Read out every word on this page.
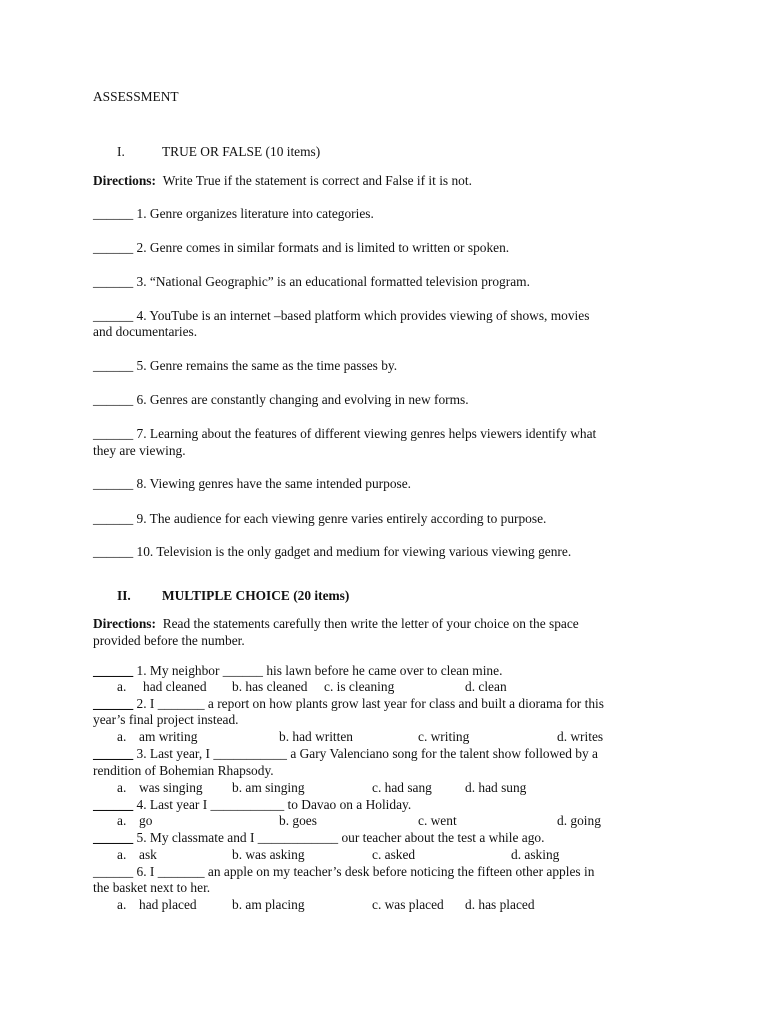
ASSESSMENT
I.	TRUE OR FALSE (10 items)
Directions: Write True if the statement is correct and False if it is not.
______ 1. Genre organizes literature into categories.
______ 2. Genre comes in similar formats and is limited to written or spoken.
______ 3. “National Geographic” is an educational formatted television program.
______ 4. YouTube is an internet –based platform which provides viewing of shows, movies
and documentaries.
______ 5. Genre remains the same as the time passes by.
______ 6. Genres are constantly changing and evolving in new forms.
______ 7. Learning about the features of different viewing genres helps viewers identify what
they are viewing.
______ 8. Viewing genres have the same intended purpose.
______ 9. The audience for each viewing genre varies entirely according to purpose.
______ 10. Television is the only gadget and medium for viewing various viewing genre.
II. MULTIPLE CHOICE (20 items)
Directions: Read the statements carefully then write the letter of your choice on the space
provided before the number.
______ 1. My neighbor ______ his lawn before he came over to clean mine.
a. had cleaned b. has cleaned c. is cleaning	d. clean
______ 2. I _______ a report on how plants grow last year for class and built a diorama for this
year’s final project instead.
a. am writing	b. had written	c. writing	d. writes
______ 3. Last year, I ___________ a Gary Valenciano song for the talent show followed by a
rendition of Bohemian Rhapsody.
a. was singing b. am singing	c. had sang d. had sung
______ 4. Last year I ___________ to Davao on a Holiday.
a. go	b. goes	c. went	d. going
______ 5. My classmate and I ____________ our teacher about the test a while ago.
a. ask	b. was asking	c. asked	d. asking
______ 6. I _______ an apple on my teacher’s desk before noticing the fifteen other apples in
the basket next to her.
a. had placed	b. am placing	c. was placed d. has placed
